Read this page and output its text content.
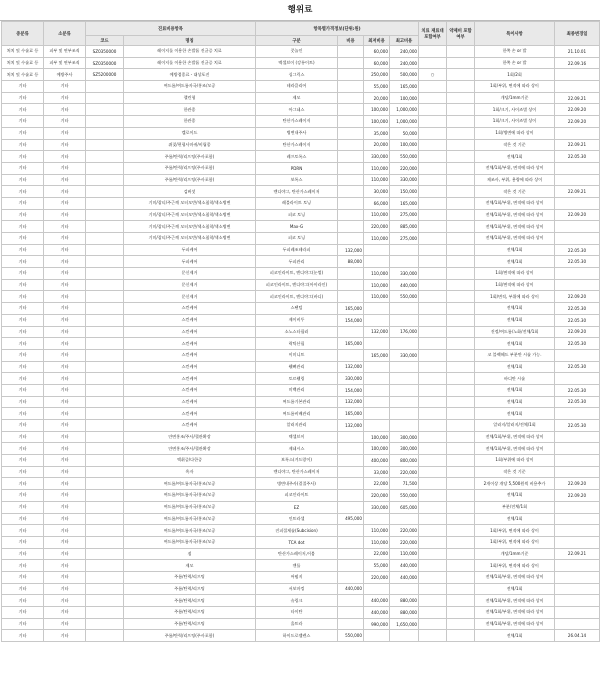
행위료
중분류	소분류	진료비용항목		항목별가격정보(단위:원)				치료 재료대 포함여부	약제비 포함여부	특이사항	최종변경일
		코드	명칭	구분	비용	최저비용	최고비용				
처치 및 수술료 등	피부 및 연부조직	SZ0350000	레이저를 이용한 손발톱 진균증 치료	풋놀인		60,000	240,000			한쪽 손 or 발	21.10.01
처치 및 수술료 등	피부 및 연부조직	SZ0350000	레이저를 이용한 손발톱 진균증 치료	엑셀브이 (강릉이트)		60,000	240,000			한쪽 손 or 발	22.09.16
처치 및 수술료 등	예방주사	SZ5200000	예방접종료 - 대상포진	싱그릭스		250,000	500,000	○		1회/2회	
기타	기타		여드름/여드름자국/홍조/모공	테라클리어		55,000	165,000			1회/부위, 면적에 따라 상이	
기타	기타		챌린형	제모		20,000	100,000			개당/1mm기준	22.09.21
기타	기타		한관종	아그네스		100,000	1,000,000			1회/크기, 사이즈별 상이	22.09.20
기타	기타		한관종	탄산가스레이저		100,000	1,000,000			1회/크기, 사이즈별 상이	22.09.20
기타	기타		켈로이드	병변내주사		35,000	50,000			1회/병변에 따라 상이	
기타	기타		쥐젖/편평사마귀/비립종	탄산가스레이저		20,000	100,000			작은 것 기준	22.09.21
기타	기타		주름/탄력/리프팅(주사포함)	레프토록스		330,000	550,000			전체/1회	22.05.30
기타	기타		주름/탄력/리프팅(주사포함)	PDRN		110,000	220,000			전체/1회/부위, 면적에 따라 상이	
기타	기타		주름/탄력/리프팅(주사포함)	보톡스		110,000	330,000			제조사, 부위, 용량에 따라 상이	
기타	기타		검버섯	엔디야그, 탄산가스레이저		30,000	150,000			작은 것 기준	22.09.21
기타	기타		기미/잡티/주근깨 모터모반/색소침착/색소병변	레블라이트 토닝		66,000	165,000			전체/1회/부위, 면적에 따라 상이	
기타	기타		기미/잡티/주근깨 모터모반/색소침착/색소병변	피코 토닝		110,000	275,000			전체/1회/부위, 면적에 따라 상이	22.09.20
기타	기타		기미/잡티/주근깨 모터모반/색소침착/색소병변	Max-G		220,000	885,000			전체/1회/부위, 면적에 따라 상이	
기타	기타		기미/잡티/주근깨 모터모반/색소침착/색소병변	피코 토닝		110,000	275,000			전체/1회/부위, 면적에 따라 상이	
기타	기타		두피케어	두피레조테라피	132,000					전체/1회	22.05.30
기타	기타		두피케어	두피관리	88,000					전체/1회	22.05.30
기타	기타		문신제거	피코인라이트, 엔디야그(눈썹)		110,000	330,000			1회/면적에 따라 상이	
기타	기타		문신제거	피코인라이트, 엔디야그(아이라인)		110,000	440,000			1회/면적에 따라 상이	
기타	기타		문신제거	피코인라이트, 엔디야그(바디)		110,000	550,000			1회/면적, 부위에 따라 상이	22.09.20
기타	기타		스킨케어	스탠텀	165,000					전체/1회	22.05.30
기타	기타		스킨케어	제이비투	154,000					전체/1회	22.05.30
기타	기타		스킨케어	소노스타필러		132,000	176,000			진정/여드름/노화/전체/1회	22.09.20
기타	기타		스킨케어	락틱산필	165,000					전체/1회	22.05.30
기타	기타		스킨케어	이미니트		165,000	330,000			코 블랙헤드 부분만 시술 가능.	
기타	기타		스킨케어	웰뼈관리	132,000					전체/1회	22.05.30
기타	기타		스킨케어	토르웰링	330,000					바디만 시술	
기타	기타		스킨케어	미백관리	154,000					전체/1회	22.05.30
기타	기타		스킨케어	여드름기본관리	132,000					전체/1회	22.05.30
기타	기타		스킨케어	여드름비배관리	165,000					전체/1회	
기타	기타		스킨케어	알러지관리	132,000					알러지/알러지/전체/1회	22.05.30
기타	기타		안면홍조/주사/혈관확장	엑셀브이		100,000	300,000			전체/1회/부위, 면적에 따라 상이	
기타	기타		안면홍조/주사/혈관확장	제네시스		100,000	300,000			전체/1회/부위, 면적에 따라 상이	
기타	기타		액취증/다한증	보톡스(겨드랑이)		400,000	800,000			1회/부위에 따라 상이	
기타	기타		흑자	엔디야그, 탄산가스레이저		33,000	220,000			작은 것 기준	
기타	기타		여드름/여드름자국/홍조/모공	병변내주사(결절주사)		22,000	71,500			2개이상 개당 5,500원씩 비용추가	22.09.20
기타	기타		여드름/여드름자국/홍조/모공	피코인라이트		220,000	550,000			전체/1회	22.09.20
기타	기타		여드름/여드름자국/홍조/모공	EZ		330,000	605,000			부분/전체/1회	
기타	기타		여드름/여드름자국/홍조/모공	인트라셀	495,000					전체/1회	
기타	기타		여드름/여드름자국/홍조/모공	진피절제술(Subcision)		110,000	220,000			1회/부위, 면적에 따라 상이	
기타	기타		여드름/여드름자국/홍조/모공	TCA dot		110,000	220,000			1회/부위, 면적에 따라 상이	
기타	기타		점	탄산가스레이저,어븀		22,000	110,000			개당/1mm기준	22.09.21
기타	기타		제모	젠틀		55,000	440,000			1회/부위, 면적에 따라 상이	
기타	기타		주름/탄력/리프팅	어펌지		220,000	440,000			전체/1회/부위, 면적에 따라 상이	
기타	기타		주름/탄력/리프팅	서보마킹	440,000					전체/1회	
기타	기타		주름/탄력/리프팅	슈링크		440,000	880,000			전체/1회/부위, 면적에 따라 상이	
기타	기타		주름/탄력/리프팅	타이탄		440,000	880,000			전체/1회/부위, 면적에 따라 상이	
기타	기타		주름/탄력/리프팅	울트라		990,000	1,650,000			전체/1회/부위, 면적에 따라 상이	
기타	기타		주름/탄력/리프팅(주사포함)	하이드로젤렌스	550,000					전체/1회	26.04.14
